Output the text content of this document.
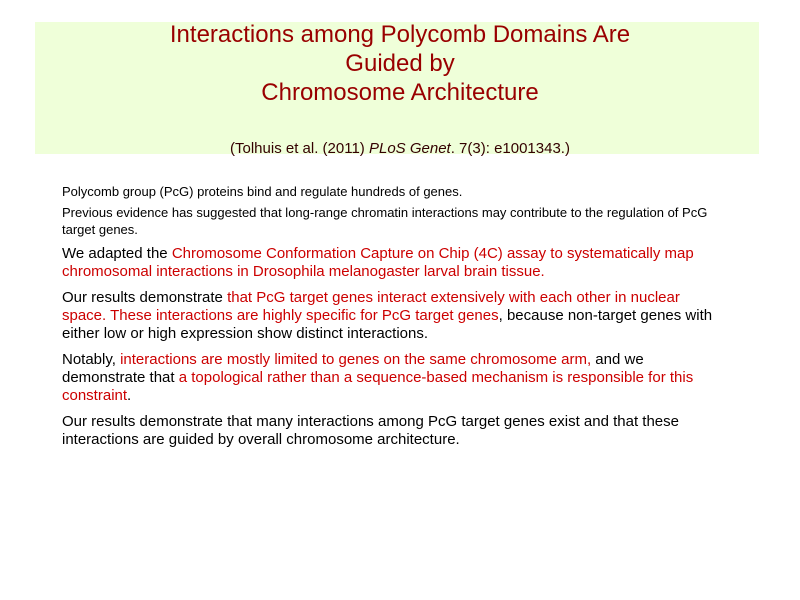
Interactions among Polycomb Domains Are
Guided by
Chromosome Architecture
(Tolhuis et al. (2011) PLoS Genet. 7(3): e1001343.)

Polycomb group (PcG) proteins bind and regulate hundreds of genes.

Previous evidence has suggested that long-range chromatin interactions may contribute to the regulation of PcG target genes.

We adapted the Chromosome Conformation Capture on Chip (4C) assay to systematically map chromosomal interactions in Drosophila melanogaster larval brain tissue.

Our results demonstrate that PcG target genes interact extensively with each other in nuclear space. These interactions are highly specific for PcG target genes, because non-target genes with either low or high expression show distinct interactions.

Notably, interactions are mostly limited to genes on the same chromosome arm, and we demonstrate that a topological rather than a sequence-based mechanism is responsible for this constraint.

Our results demonstrate that many interactions among PcG target genes exist and that these interactions are guided by overall chromosome architecture.
